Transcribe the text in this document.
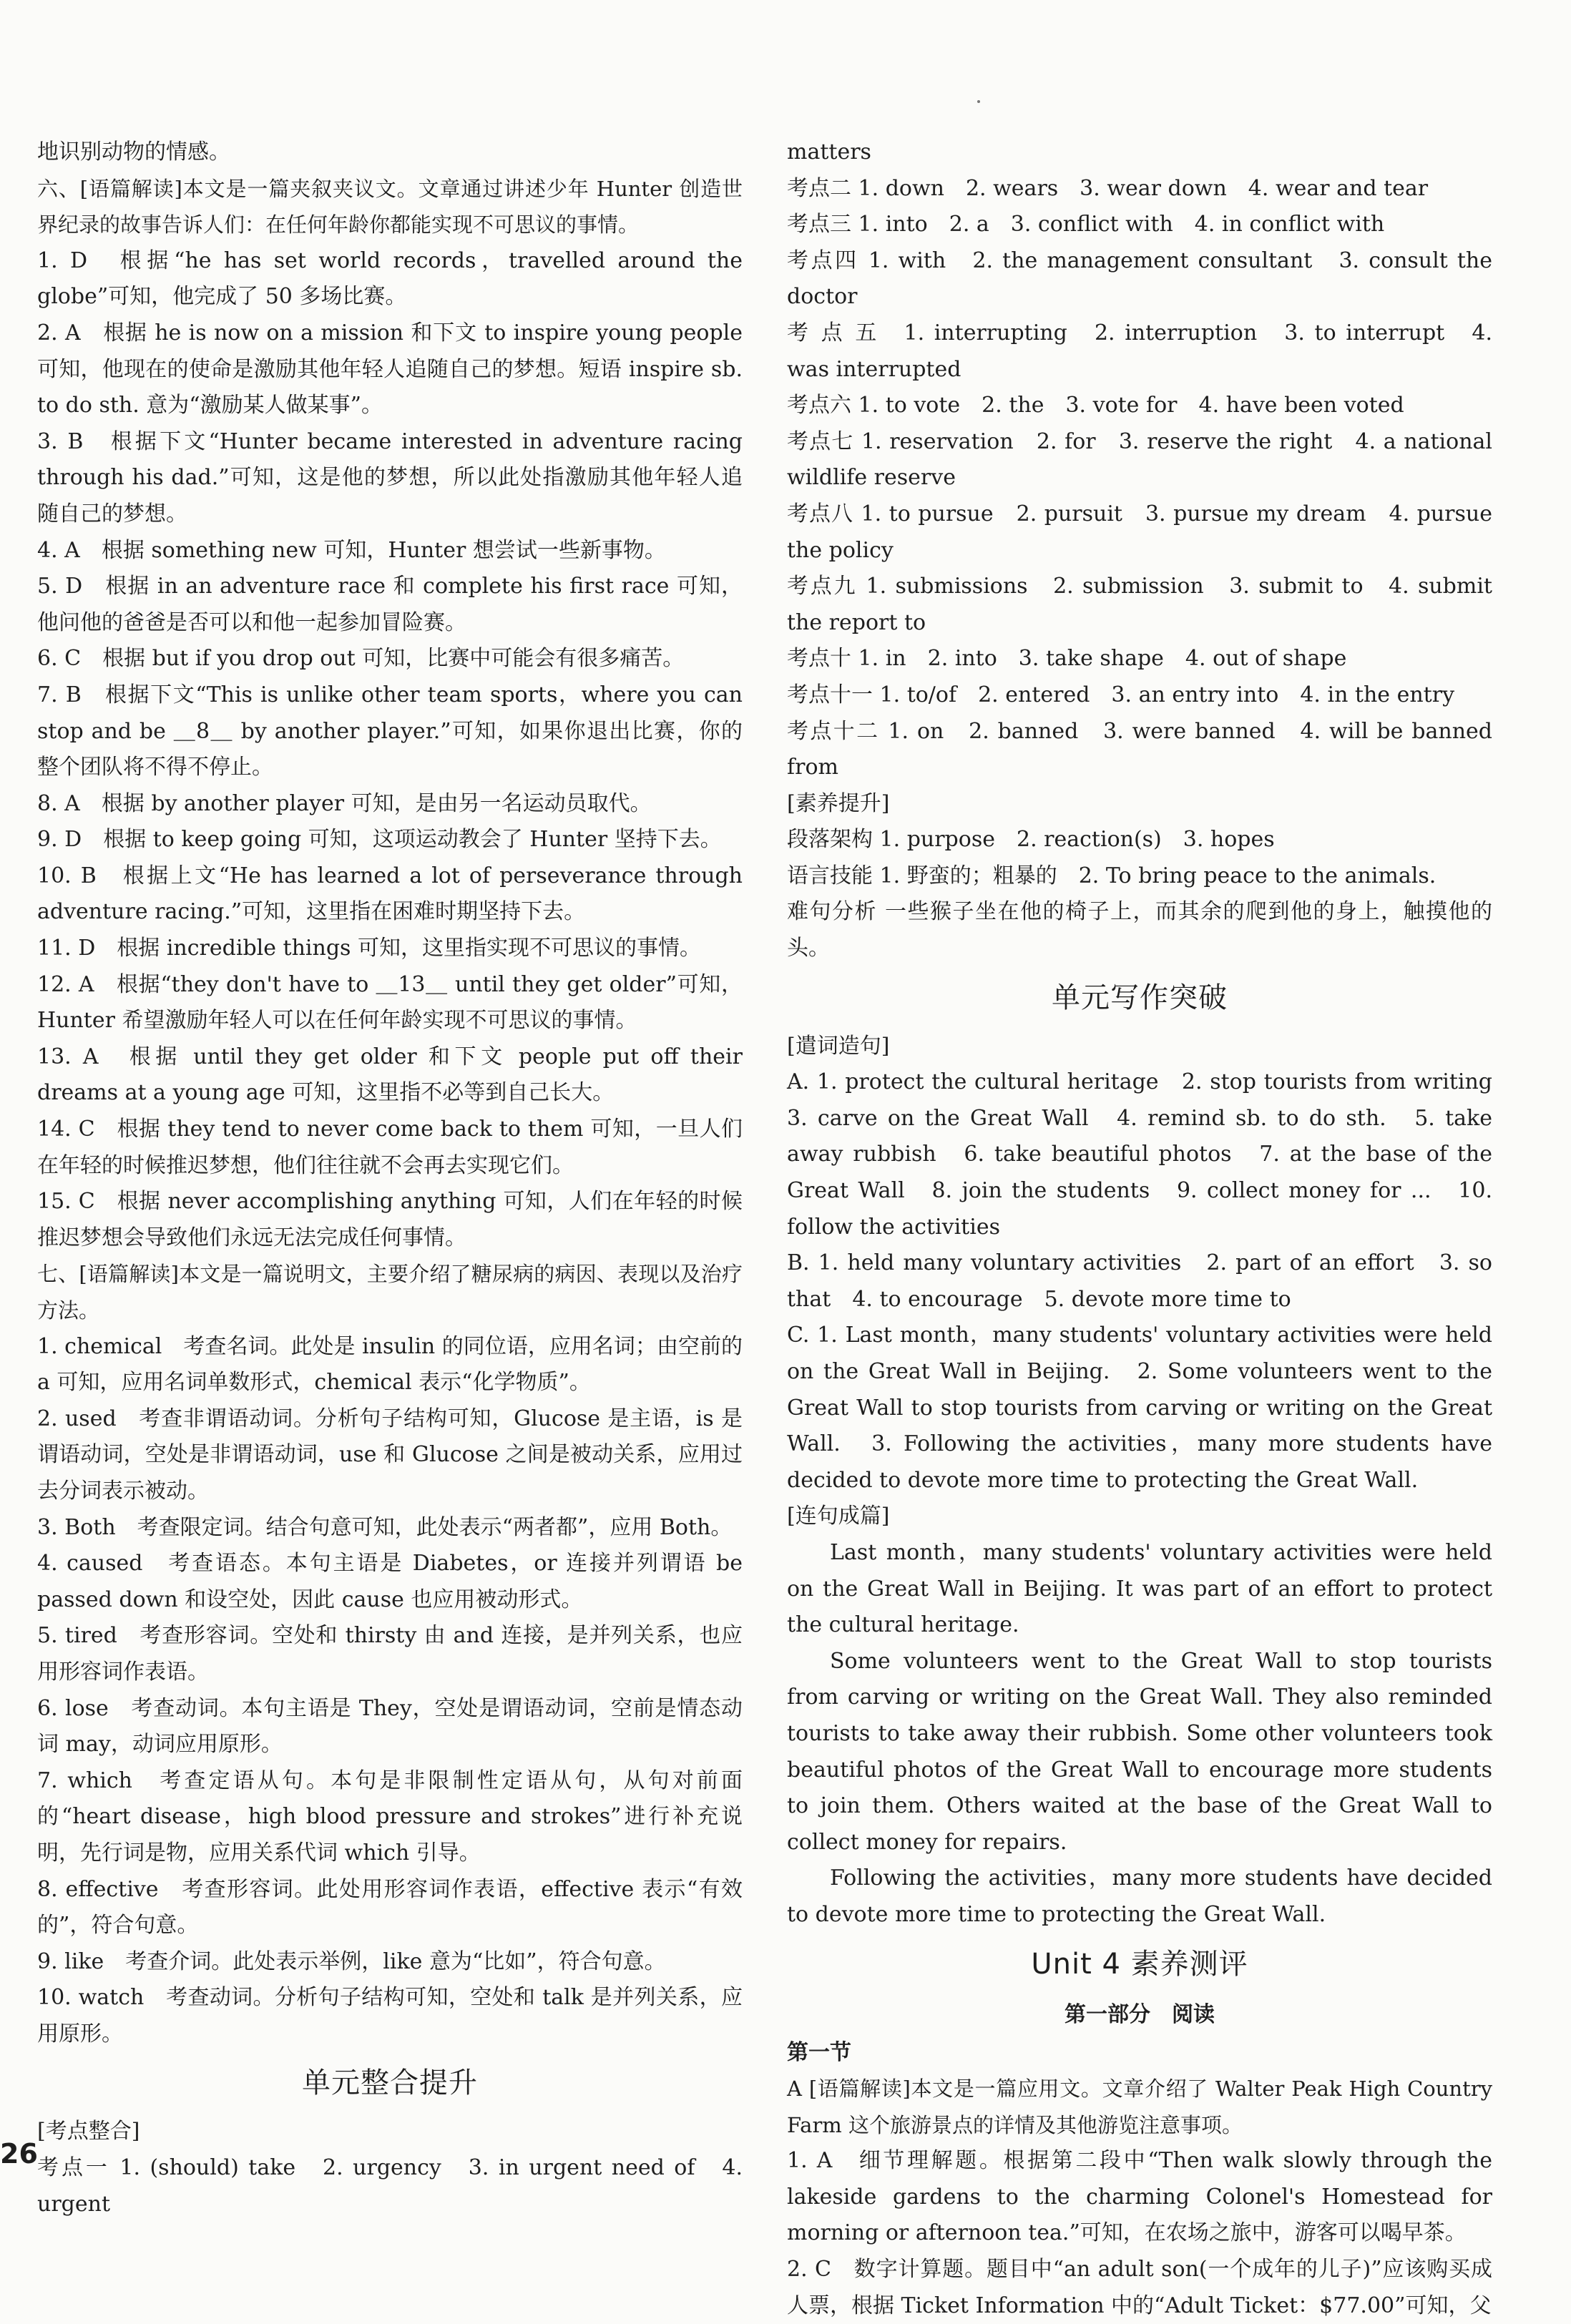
地识别动物的情感。

六、[语篇解读]本文是一篇夹叙夹议文。文章通过讲述少年 Hunter 创造世界纪录的故事告诉人们：在任何年龄你都能实现不可思议的事情。

1. D　根据“he has set world records，travelled around the globe”可知，他完成了 50 多场比赛。

2. A　根据 he is now on a mission 和下文 to inspire young people 可知，他现在的使命是激励其他年轻人追随自己的梦想。短语 inspire sb. to do sth. 意为“激励某人做某事”。

3. B　根据下文“Hunter became interested in adventure racing through his dad.”可知，这是他的梦想，所以此处指激励其他年轻人追随自己的梦想。

4. A　根据 something new 可知，Hunter 想尝试一些新事物。

5. D　根据 in an adventure race 和 complete his first race 可知，他问他的爸爸是否可以和他一起参加冒险赛。

6. C　根据 but if you drop out 可知，比赛中可能会有很多痛苦。

7. B　根据下文“This is unlike other team sports，where you can stop and be ＿8＿ by another player.”可知，如果你退出比赛，你的整个团队将不得不停止。

8. A　根据 by another player 可知，是由另一名运动员取代。

9. D　根据 to keep going 可知，这项运动教会了 Hunter 坚持下去。

10. B　根据上文“He has learned a lot of perseverance through adventure racing.”可知，这里指在困难时期坚持下去。

11. D　根据 incredible things 可知，这里指实现不可思议的事情。

12. A　根据“they don't have to ＿13＿ until they get older”可知，Hunter 希望激励年轻人可以在任何年龄实现不可思议的事情。

13. A　根据 until they get older 和下文 people put off their dreams at a young age 可知，这里指不必等到自己长大。

14. C　根据 they tend to never come back to them 可知，一旦人们在年轻的时候推迟梦想，他们往往就不会再去实现它们。

15. C　根据 never accomplishing anything 可知，人们在年轻的时候推迟梦想会导致他们永远无法完成任何事情。

七、[语篇解读]本文是一篇说明文，主要介绍了糖尿病的病因、表现以及治疗方法。

1. chemical　考查名词。此处是 insulin 的同位语，应用名词；由空前的 a 可知，应用名词单数形式，chemical 表示“化学物质”。

2. used　考查非谓语动词。分析句子结构可知，Glucose 是主语，is 是谓语动词，空处是非谓语动词，use 和 Glucose 之间是被动关系，应用过去分词表示被动。

3. Both　考查限定词。结合句意可知，此处表示“两者都”，应用 Both。

4. caused　考查语态。本句主语是 Diabetes，or 连接并列谓语 be passed down 和设空处，因此 cause 也应用被动形式。

5. tired　考查形容词。空处和 thirsty 由 and 连接，是并列关系，也应用形容词作表语。

6. lose　考查动词。本句主语是 They，空处是谓语动词，空前是情态动词 may，动词应用原形。

7. which　考查定语从句。本句是非限制性定语从句，从句对前面的“heart disease，high blood pressure and strokes”进行补充说明，先行词是物，应用关系代词 which 引导。

8. effective　考查形容词。此处用形容词作表语，effective 表示“有效的”，符合句意。

9. like　考查介词。此处表示举例，like 意为“比如”，符合句意。

10. watch　考查动词。分析句子结构可知，空处和 talk 是并列关系，应用原形。

单元整合提升

[考点整合]

考点一 1. (should) take　2. urgency　3. in urgent need of　4. urgent

matters

考点二 1. down　2. wears　3. wear down　4. wear and tear

考点三 1. into　2. a　3. conflict with　4. in conflict with

考点四 1. with　2. the management consultant　3. consult the doctor

考 点 五　1. interrupting　2. interruption　3. to interrupt　4. was interrupted

考点六 1. to vote　2. the　3. vote for　4. have been voted

考点七 1. reservation　2. for　3. reserve the right　4. a national wildlife reserve

考点八 1. to pursue　2. pursuit　3. pursue my dream　4. pursue the policy

考点九 1. submissions　2. submission　3. submit to　4. submit the report to

考点十 1. in　2. into　3. take shape　4. out of shape

考点十一 1. to/of　2. entered　3. an entry into　4. in the entry

考点十二 1. on　2. banned　3. were banned　4. will be banned from

[素养提升]

段落架构 1. purpose　2. reaction(s)　3. hopes

语言技能 1. 野蛮的；粗暴的　2. To bring peace to the animals.

难句分析 一些猴子坐在他的椅子上，而其余的爬到他的身上，触摸他的头。

单元写作突破

[遣词造句]

A. 1. protect the cultural heritage　2. stop tourists from writing　3. carve on the Great Wall　4. remind sb. to do sth.　5. take away rubbish　6. take beautiful photos　7. at the base of the Great Wall　8. join the students　9. collect money for ...　10. follow the activities

B. 1. held many voluntary activities　2. part of an effort　3. so that　4. to encourage　5. devote more time to

C. 1. Last month，many students' voluntary activities were held on the Great Wall in Beijing.　2. Some volunteers went to the Great Wall to stop tourists from carving or writing on the Great Wall.　3. Following the activities，many more students have decided to devote more time to protecting the Great Wall.

[连句成篇]

Last month，many students' voluntary activities were held on the Great Wall in Beijing. It was part of an effort to protect the cultural heritage.

Some volunteers went to the Great Wall to stop tourists from carving or writing on the Great Wall. They also reminded tourists to take away their rubbish. Some other volunteers took beautiful photos of the Great Wall to encourage more students to join them. Others waited at the base of the Great Wall to collect money for repairs.

Following the activities，many more students have decided to devote more time to protecting the Great Wall.

Unit 4 素养测评
第一部分　阅读

第一节

A [语篇解读]本文是一篇应用文。文章介绍了 Walter Peak High Country Farm 这个旅游景点的详情及其他游览注意事项。

1. A　细节理解题。根据第二段中“Then walk slowly through the lakeside gardens to the charming Colonel's Homestead for morning or afternoon tea.”可知，在农场之旅中，游客可以喝早茶。

2. C　数字计算题。题目中“an adult son(一个成年的儿子)”应该购买成人票，根据 Ticket Information 中的“Adult Ticket：$77.00”可知，父

26
